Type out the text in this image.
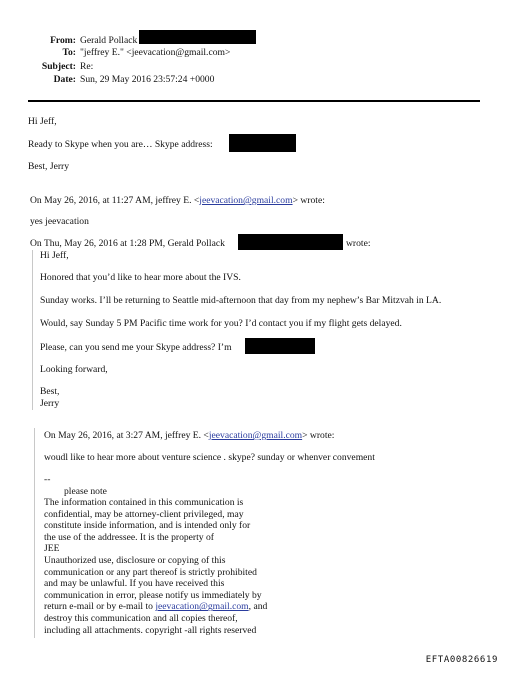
From: Gerald Pollack
To: "jeffrey E." <jeevacation@gmail.com>
Subject: Re:
Date: Sun, 29 May 2016 23:57:24 +0000
Hi Jeff,
Ready to Skype when you are… Skype address:
Best, Jerry
On May 26, 2016, at 11:27 AM, jeffrey E. <jeevacation@gmail.com> wrote:
yes jeevacation
On Thu, May 26, 2016 at 1:28 PM, Gerald Pollack	wrote:
Hi Jeff,
Honored that you’d like to hear more about the IVS.
Sunday works. I’ll be returning to Seattle mid-afternoon that day from my nephew’s Bar Mitzvah in LA.
Would, say Sunday 5 PM Pacific time work for you? I’d contact you if my flight gets delayed.
Please, can you send me your Skype address? I’m
Looking forward,
Best,
Jerry
On May 26, 2016, at 3:27 AM, jeffrey E. <jeevacation@gmail.com> wrote:
woudl like to hear more about venture science . skype? sunday or whenver convement
--
please note
The information contained in this communication is
confidential, may be attorney-client privileged, may
constitute inside information, and is intended only for
the use of the addressee. It is the property of
JEE
Unauthorized use, disclosure or copying of this
communication or any part thereof is strictly prohibited
and may be unlawful. If you have received this
communication in error, please notify us immediately by
return e-mail or by e-mail to jeevacation@gmail.com, and
destroy this communication and all copies thereof,
including all attachments. copyright -all rights reserved
EFTA00826619
